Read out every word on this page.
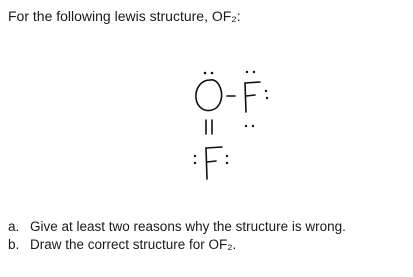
For the following lewis structure, OF₂:
a. Give at least two reasons why the structure is wrong.
b. Draw the correct structure for OF₂.
